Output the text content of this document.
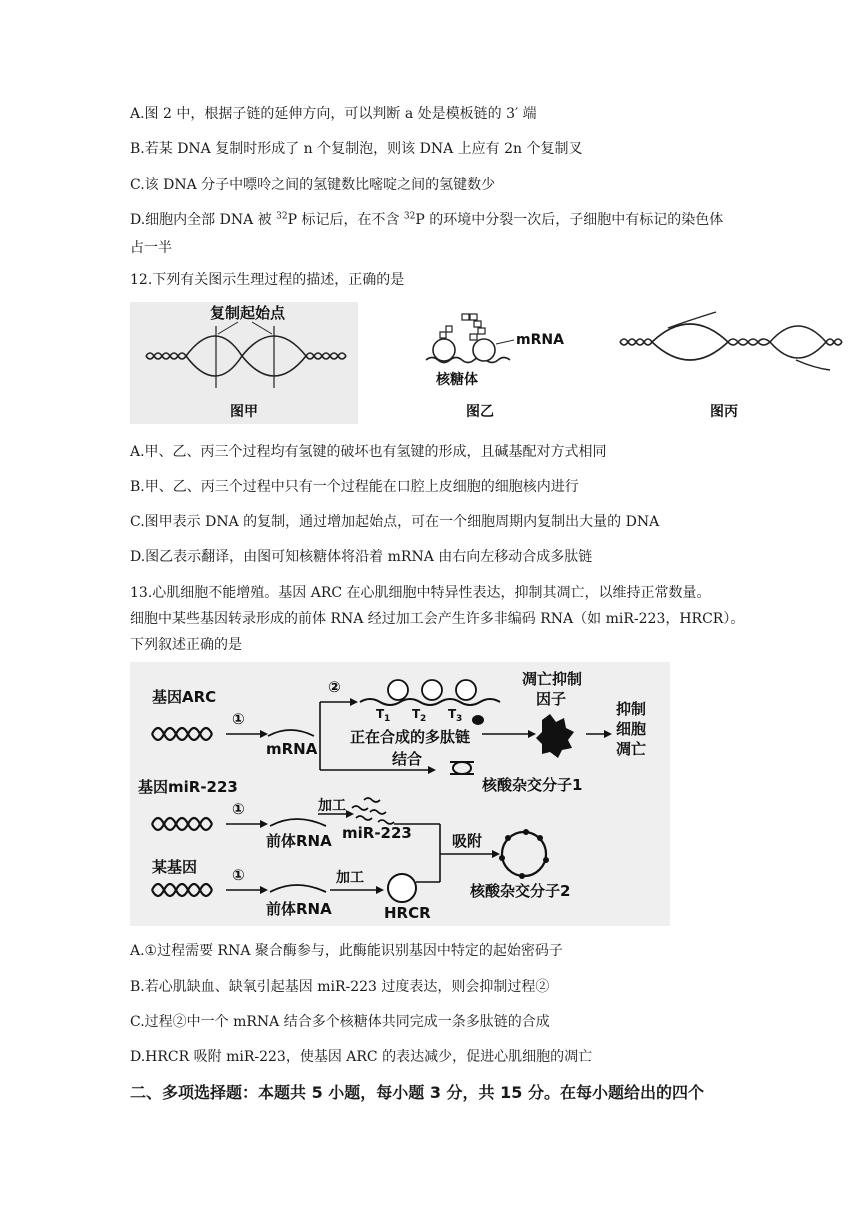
A.图 2 中，根据子链的延伸方向，可以判断 a 处是模板链的 3′ 端
B.若某 DNA 复制时形成了 n 个复制泡，则该 DNA 上应有 2n 个复制叉
C.该 DNA 分子中嘌呤之间的氢键数比嘧啶之间的氢键数少
D.细胞内全部 DNA 被 $^{32}$P 标记后，在不含 $^{32}$P 的环境中分裂一次后，子细胞中有标记的染色体
占一半
12.下列有关图示生理过程的描述，正确的是
复制起始点
图甲
mRNA
核糖体
图乙	图丙
A.甲、乙、丙三个过程均有氢键的破坏也有氢键的形成，且碱基配对方式相同
B.甲、乙、丙三个过程中只有一个过程能在口腔上皮细胞的细胞核内进行
C.图甲表示 DNA 的复制，通过增加起始点，可在一个细胞周期内复制出大量的 DNA
D.图乙表示翻译，由图可知核糖体将沿着 mRNA 由右向左移动合成多肽链
13.心肌细胞不能增殖。基因 ARC 在心肌细胞中特异性表达，抑制其凋亡，以维持正常数量。
细胞中某些基因转录形成的前体 RNA 经过加工会产生许多非编码 RNA（如 miR-223，HRCR）。
下列叙述正确的是
基因ARC
①
mRNA
②
T 1 T 2 T 3
正在合成的多肽链
凋亡抑制
因子
抑制
细胞
凋亡
结合
核酸杂交分子1
基因miR-223
①
前体RNA
加工
miR-223	吸附
核酸杂交分子2
某基因 ①
前体RNA
加工
HRCR
A.①过程需要 RNA 聚合酶参与，此酶能识别基因中特定的起始密码子
B.若心肌缺血、缺氧引起基因 miR-223 过度表达，则会抑制过程②
C.过程②中一个 mRNA 结合多个核糖体共同完成一条多肽链的合成
D.HRCR 吸附 miR-223，使基因 ARC 的表达减少，促进心肌细胞的凋亡
二、多项选择题：本题共 5 小题，每小题 3 分，共 15 分。在每小题给出的四个
